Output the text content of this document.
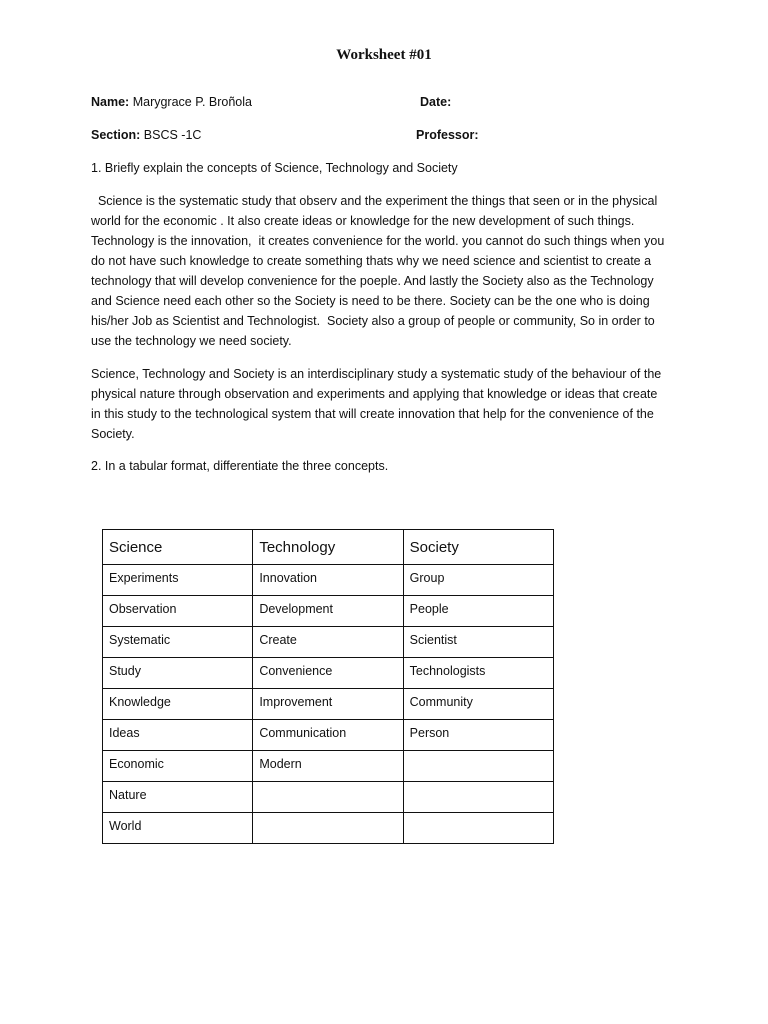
Worksheet #01
Name: Marygrace P. Broñola	Date:
Section: BSCS -1C	Professor:
1. Briefly explain the concepts of Science, Technology and Society
Science is the systematic study that observ and the experiment the things that seen or in the physical
world for the economic . It also create ideas or knowledge for the new development of such things.
Technology is the innovation,  it creates convenience for the world. you cannot do such things when you
do not have such knowledge to create something thats why we need science and scientist to create a
technology that will develop convenience for the poeple. And lastly the Society also as the Technology
and Science need each other so the Society is need to be there. Society can be the one who is doing
his/her Job as Scientist and Technologist.  Society also a group of people or community, So in order to
use the technology we need society.
Science, Technology and Society is an interdisciplinary study a systematic study of the behaviour of the
physical nature through observation and experiments and applying that knowledge or ideas that create
in this study to the technological system that will create innovation that help for the convenience of the
Society.
2. In a tabular format, differentiate the three concepts.
Science	Technology	Society

Experiments	Innovation	Group

Observation	Development	People

Systematic	Create	Scientist

Study	Convenience	Technologists

Knowledge	Improvement	Community

Ideas	Communication	Person

Economic	Modern	

Nature		

World		
